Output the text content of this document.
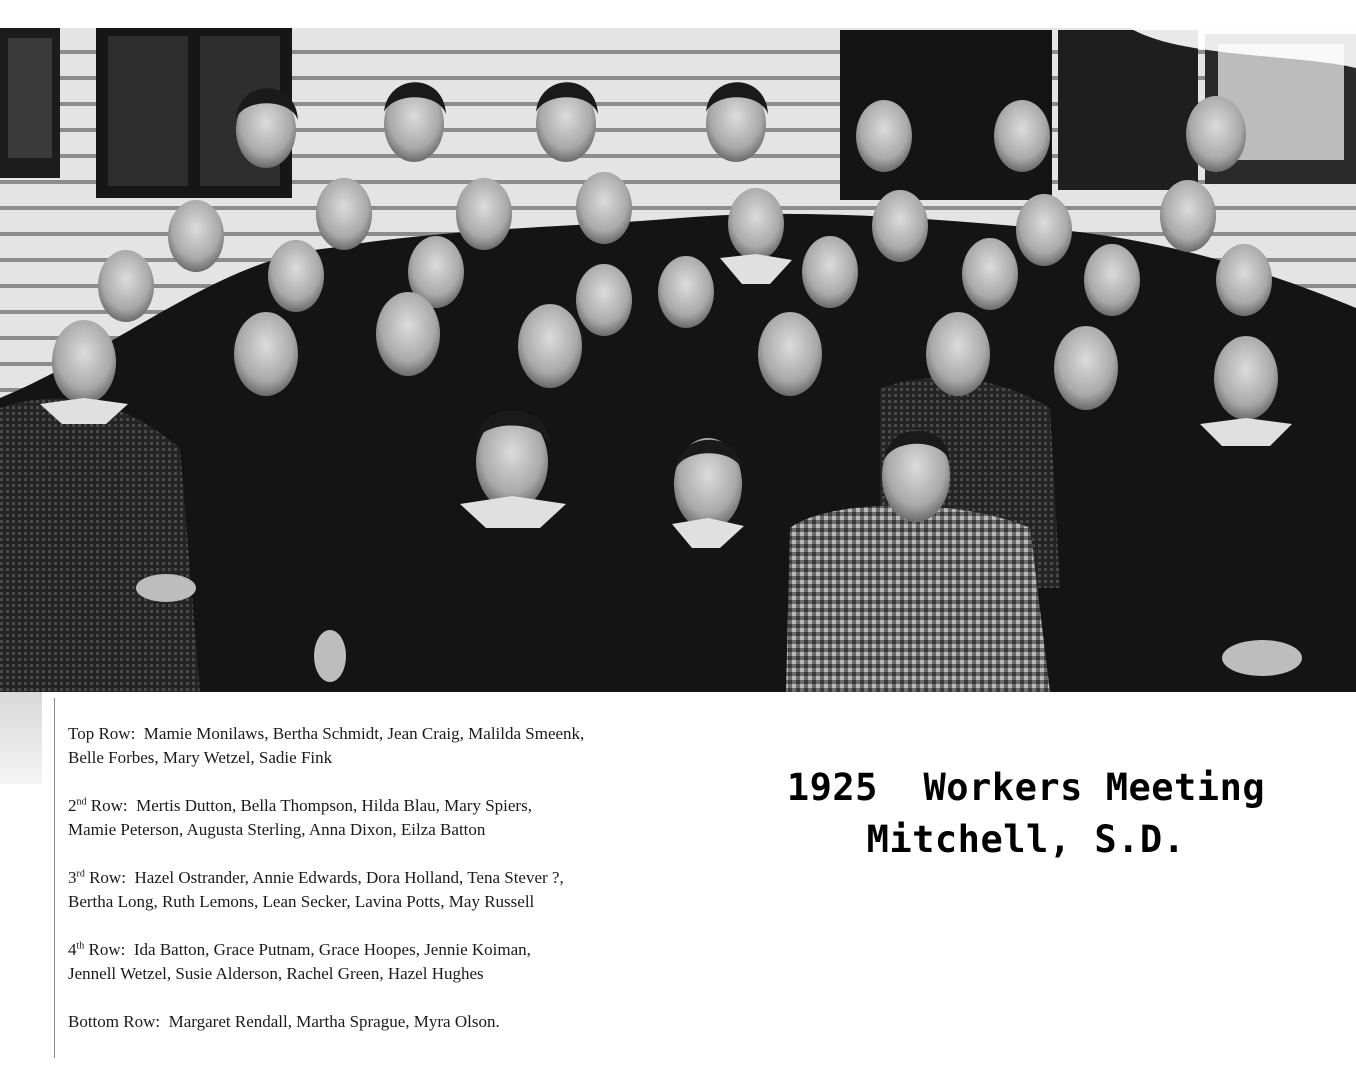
Top Row: Mamie Monilaws, Bertha Schmidt, Jean Craig, Malilda Smeenk,
Belle Forbes, Mary Wetzel, Sadie Fink
2nd Row: Mertis Dutton, Bella Thompson, Hilda Blau, Mary Spiers,
Mamie Peterson, Augusta Sterling, Anna Dixon, Eilza Batton
3rd Row: Hazel Ostrander, Annie Edwards, Dora Holland, Tena Stever ?,
Bertha Long, Ruth Lemons, Lean Secker, Lavina Potts, May Russell
4th Row: Ida Batton, Grace Putnam, Grace Hoopes, Jennie Koiman,
Jennell Wetzel, Susie Alderson, Rachel Green, Hazel Hughes
Bottom Row: Margaret Rendall, Martha Sprague, Myra Olson.
1925  Workers Meeting
Mitchell, S.D.
